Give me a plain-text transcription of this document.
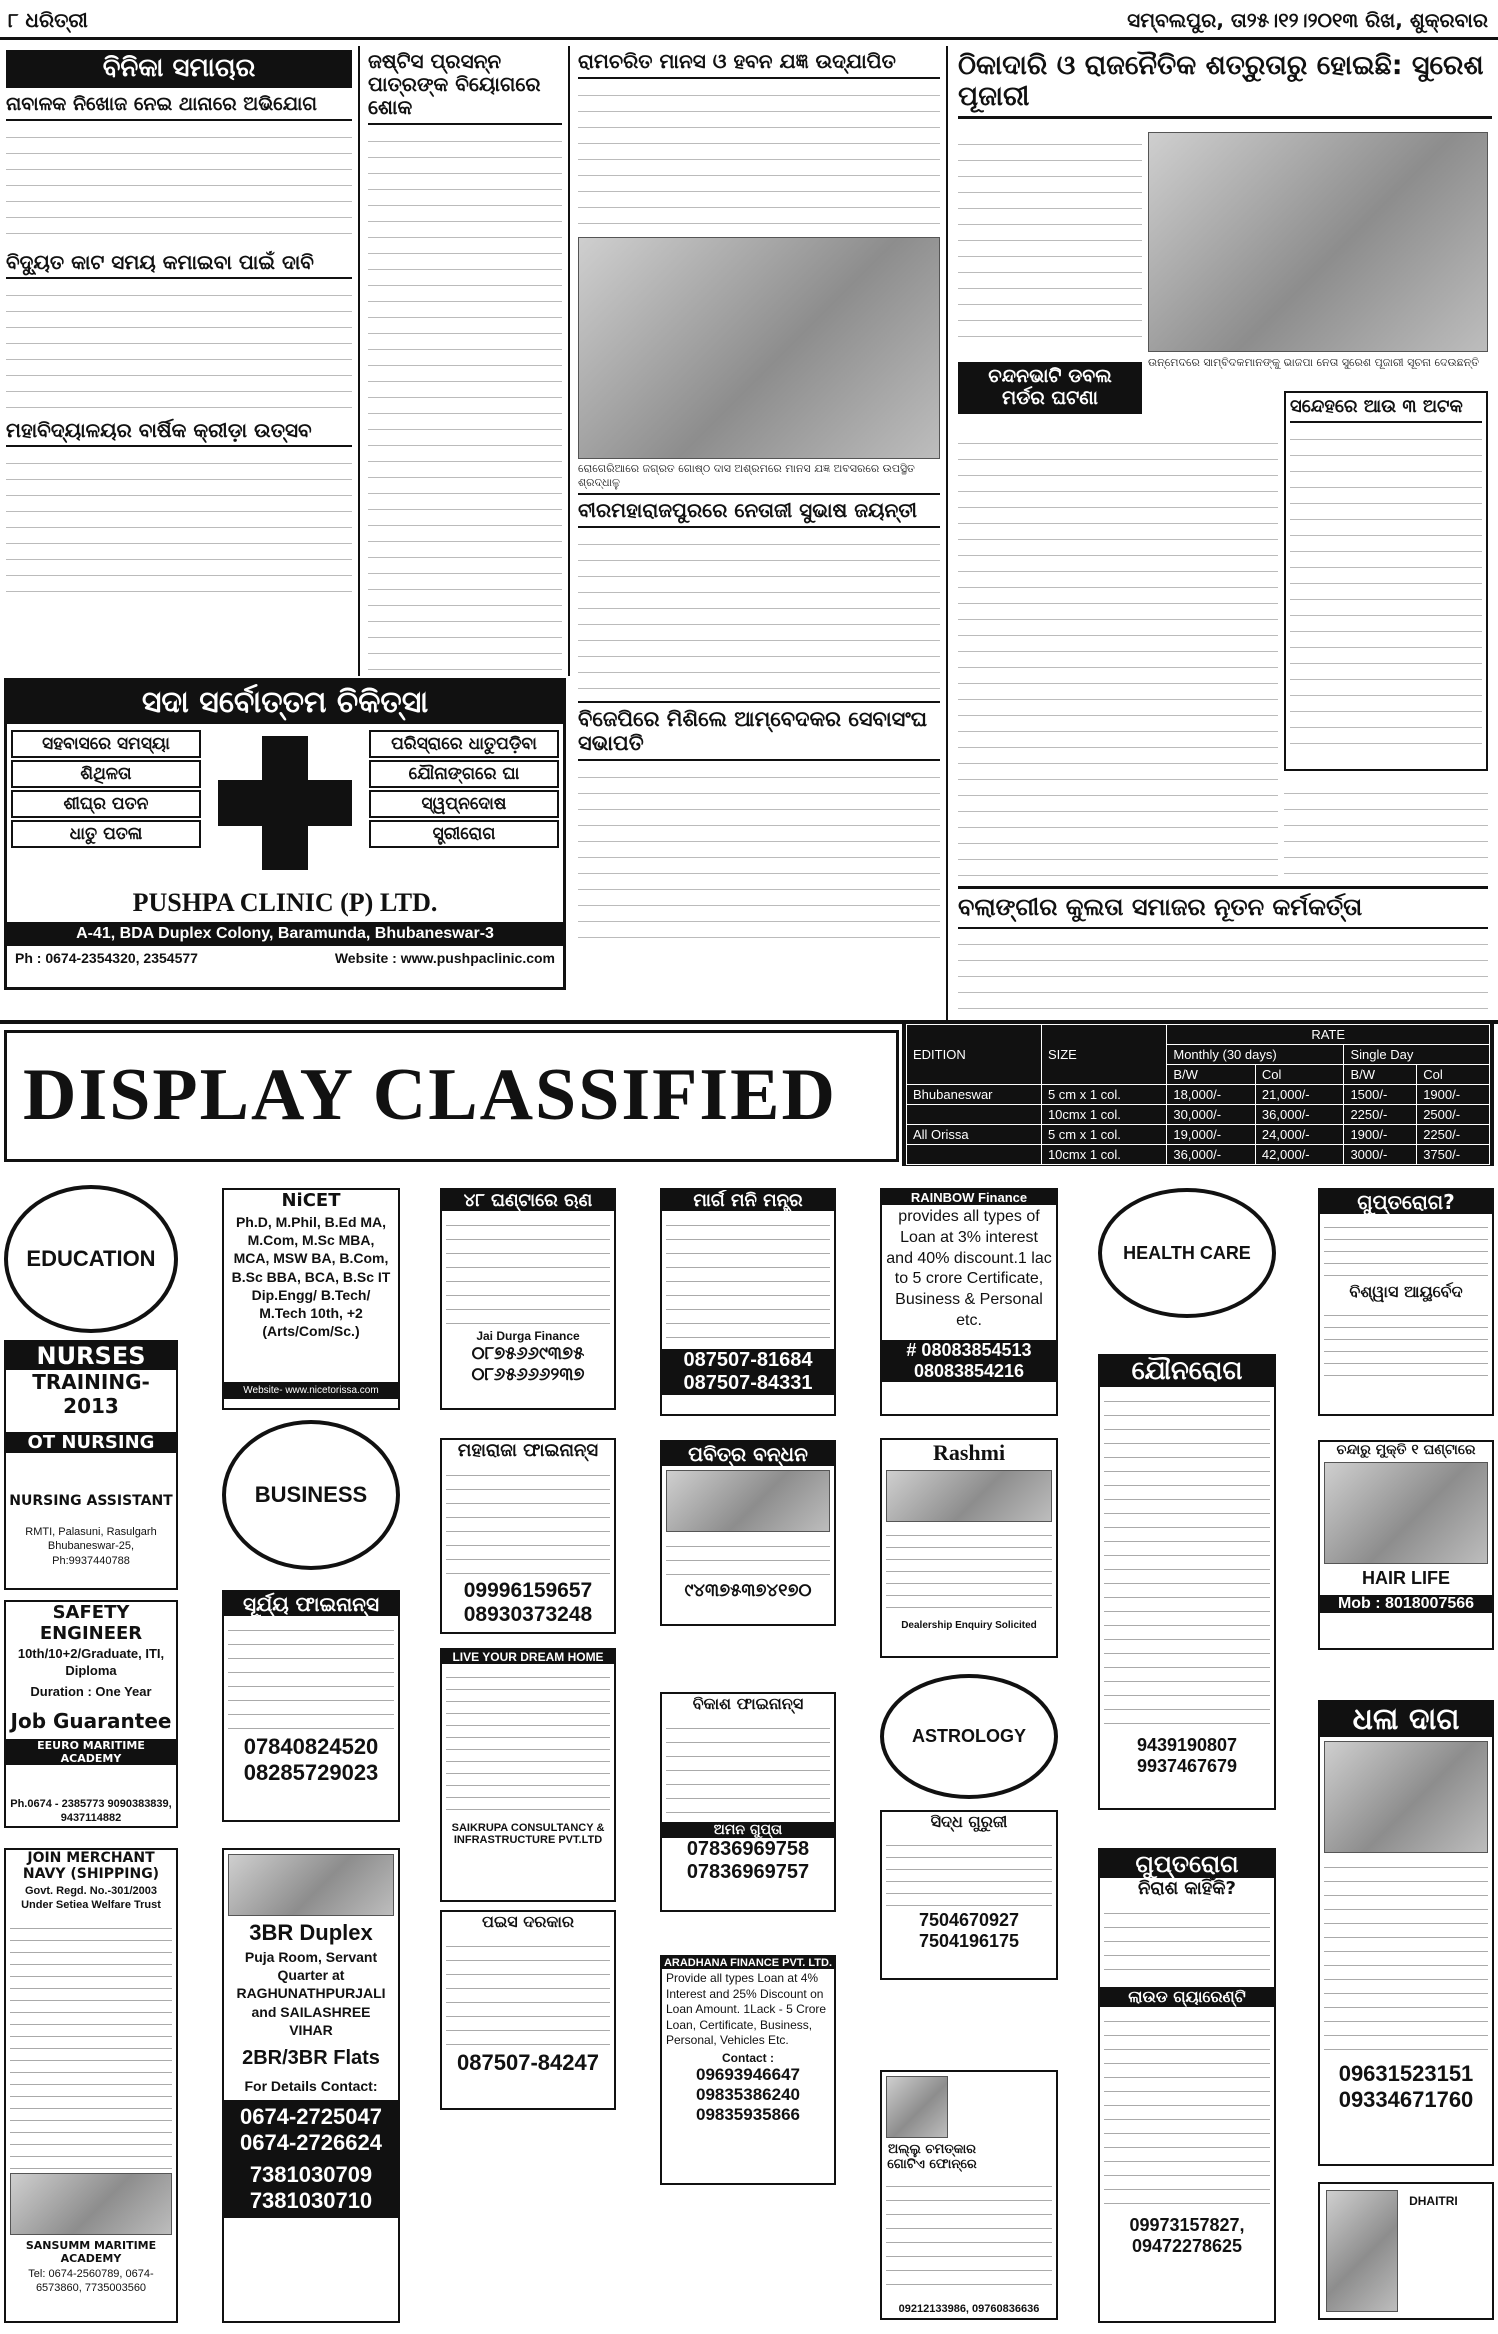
୮ ଧରିତ୍ରୀ	ସମ୍ବଲପୁର, ତା୨୫।୧୨।୨୦୧୩ ରିଖ, ଶୁକ୍ରବାର
ବିନିକା ସମାଚାର
ନାବାଳକ ନିଖୋଜ ନେଇ ଥାନାରେ ଅଭିଯୋଗ
ବିଦ୍ୟୁତ କାଟ ସମୟ କମାଇବା ପାଇଁ ଦାବି
ମହାବିଦ୍ୟାଳୟର ବାର୍ଷିକ କ୍ରୀଡ଼ା ଉତ୍ସବ
ଜଷ୍ଟିସ ପ୍ରସନ୍ନ ପାତ୍ରଙ୍କ ବିୟୋଗରେ ଶୋକ
ରାମଚରିତ ମାନସ ଓ ହବନ ଯଜ୍ଞ ଉଦ୍‌ଯାପିତ
ରୋଗେରିଆରେ ଜଗ୍ରତ ଗୋଷ୍ଠ ଦାସ ଅଶ୍ରମରେ ମାନସ ଯଜ୍ଞ ଅବସରରେ ଉପସ୍ଥିତ ଶ୍ରଦ୍ଧାଳୁ
ବୀରମହାରାଜପୁରରେ ନେତାଜୀ ସୁଭାଷ ଜୟନ୍ତୀ
ବିଜେପିରେ ମିଶିଲେ ଆମ୍ବେଦକର ସେବାସଂଘ ସଭାପତି
ଠିକାଦାରି ଓ ରାଜନୈତିକ ଶତ୍ରୁତାରୁ ହୋଇଛି: ସୁରେଶ ପୂଜାରୀ
ଉନ୍ମେଦରେ ସାମ୍ବିଦକମାନଙ୍କୁ ଭାଜପା ନେତା ସୁରେଶ ପୂଜାରୀ ସୂଚନା ଦେଉଛନ୍ତି
ଚନ୍ଦନଭାଟି ଡବଲ ମର୍ଡର ଘଟଣା	ସନ୍ଦେହରେ ଆଉ ୩ ଅଟକ
ବଲାଙ୍ଗୀର କୁଲତା ସମାଜର ନୂତନ କର୍ମକର୍ତ୍ତା
ସଦା ସର୍ବୋତ୍ତମ ଚିକିତ୍ସା
ସହବାସରେ ସମସ୍ୟା
ଶିଥିଳତା
ଶୀଘ୍ର ପତନ
ଧାତୁ ପତଳା
ପରିସ୍ରାରେ ଧାତୁପଡ଼ିବା
ଯୌନାଙ୍ଗରେ ଘା
ସ୍ୱପ୍ନଦୋଷ
ସ୍ତ୍ରୀରୋଗ
PUSHPA CLINIC (P) LTD.
A-41, BDA Duplex Colony, Baramunda, Bhubaneswar-3
Ph : 0674-2354320, 2354577	Website : www.pushpaclinic.com
DISPLAY CLASSIFIED	EDITION	SIZE	RATE			
		Monthly (30 days)		Single Day	
		B/W	Col	B/W	Col
Bhubaneswar	5 cm x 1 col.	18,000/-	21,000/-	1500/-	1900/-
	10cmx 1 col.	30,000/-	36,000/-	2250/-	2500/-
All Orissa	5 cm x 1 col.	19,000/-	24,000/-	1900/-	2250/-
	10cmx 1 col.	36,000/-	42,000/-	3000/-	3750/-
(N.B.: Color option is limited to 4 days in a month including 26 days B/W. Color only on Friday)
EDUCATION
NURSES
TRAINING-2013
OT NURSING
NURSING ASSISTANT
RMTI, Palasuni, Rasulgarh Bhubaneswar-25, Ph:9937440788
SAFETY ENGINEER
10th/10+2/Graduate, ITI, Diploma
Duration : One Year
Job Guarantee
EEURO MARITIME ACADEMY
Ph.0674 - 2385773 9090383839, 9437114882
JOIN MERCHANT NAVY (SHIPPING)
Govt. Regd. No.-301/2003 Under Setiea Welfare Trust
SANSUMM MARITIME ACADEMY
Tel: 0674-2560789, 0674-6573860, 7735003560
NiCET
Ph.D, M.Phil, B.Ed MA, M.Com, M.Sc MBA, MCA, MSW BA, B.Com, B.Sc BBA, BCA, B.Sc IT Dip.Engg/ B.Tech/ M.Tech 10th, +2 (Arts/Com/Sc.)
Website- www.nicetorissa.com
BUSINESS
ସୂର୍ଯ୍ୟ ଫାଇନାନ୍ସ
07840824520
08285729023
3BR Duplex
Puja Room, Servant Quarter at RAGHUNATHPURJALI and SAILASHREE VIHAR
2BR/3BR Flats
For Details Contact:
0674-2725047
0674-2726624
7381030709
7381030710
୪୮ ଘଣ୍ଟାରେ ଋଣ
Jai Durga Finance
୦୮୭୫୬୬୯୩୭୫
୦୮୬୫୬୬୬୨୩୭
ମହାରାଜା ଫାଇନାନ୍ସ
09996159657
08930373248
LIVE YOUR DREAM HOME
SAIKRUPA CONSULTANCY & INFRASTRUCTURE PVT.LTD
ପଇସ ଦରକାର
087507-84247
ମାର୍ଗ ମନି ମନ୍ତ୍ର
087507-81684
087507-84331
ପବିତ୍ର ବନ୍ଧନ
୯୪୩୭୫୩୭୪୧୭୦
ବିକାଶ ଫାଇନାନ୍ସ
ଅମନ ଗୁପ୍ତା
07836969758
07836969757
ARADHANA FINANCE PVT. LTD.
Provide all types Loan at 4% Interest and 25% Discount on Loan Amount. 1Lack - 5 Crore Loan, Certificate, Business, Personal, Vehicles Etc.
Contact :
09693946647
09835386240
09835935866
RAINBOW Finance
provides all types of Loan at 3% interest and 40% discount.1 lac to 5 crore Certificate, Business & Personal etc.
# 08083854513
08083854216
Rashmi
Dealership Enquiry Solicited
ASTROLOGY
ସିଦ୍ଧ ଗୁରୁଜୀ
7504670927
7504196175
ଅଲ୍ଲୁ ଚମତ୍କାର ଗୋଟିଏ ଫୋନ୍‌ରେ
09212133986, 09760836636
HEALTH CARE
ଯୌନରୋଗ
9439190807
9937467679
ଗୁପ୍ତରୋଗ
ନିରାଶ କାହିଁକି?
ଲାଉଡ ଗ୍ୟାରେଣ୍ଟି
09973157827,
09472278625
ଗୁପ୍ତରୋଗ?
ବିଶ୍ୱାସ ଆୟୁର୍ବେଦ
ଚନ୍ଦାରୁ ମୁକ୍ତି ୧ ଘଣ୍ଟାରେ
HAIR LIFE
Mob : 8018007566
ଧଳା ଦାଗ
09631523151
09334671760
DHAITRI
